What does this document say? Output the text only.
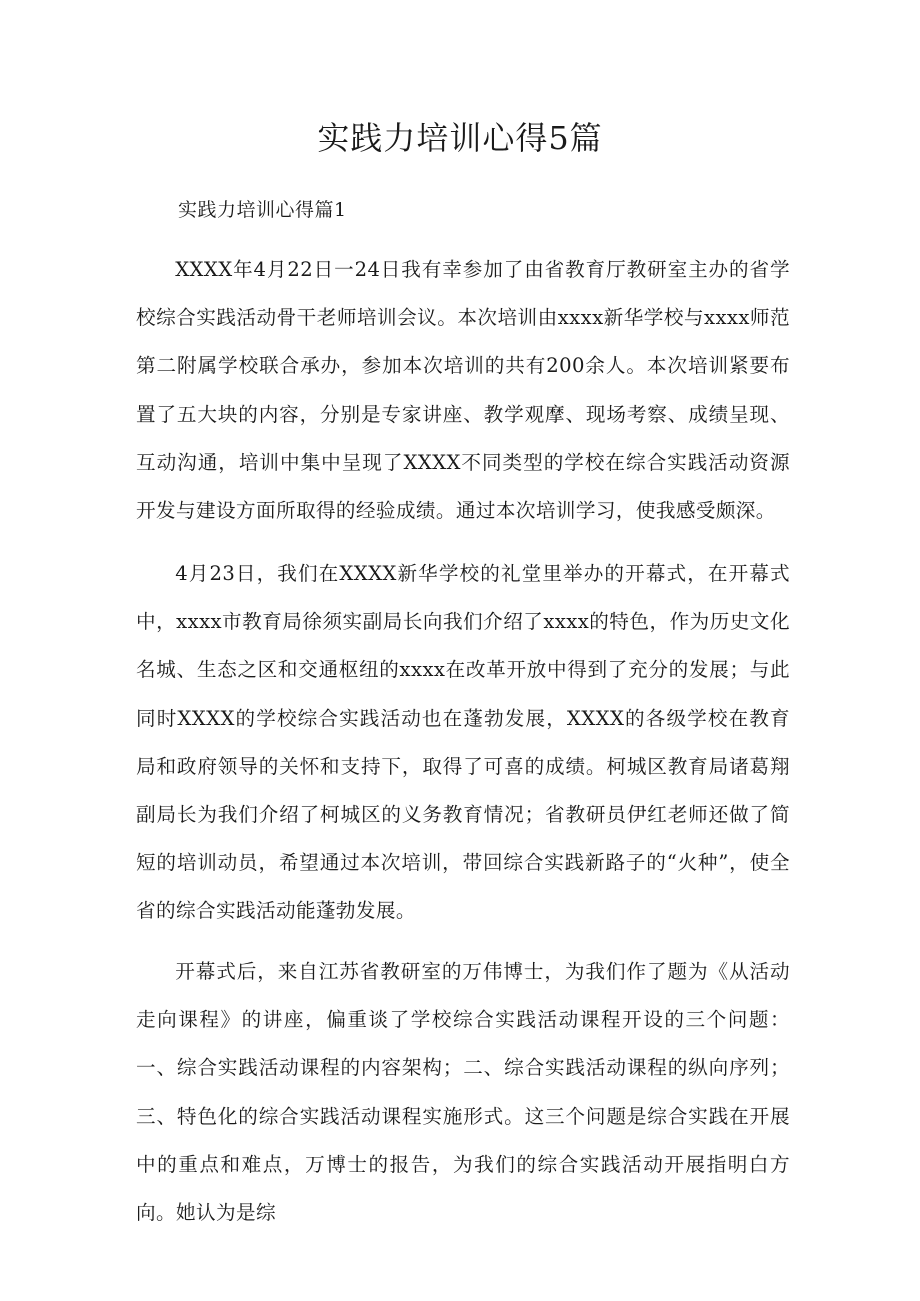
实践力培训心得5篇

实践力培训心得篇1

XXXX年4月22日一24日我有幸参加了由省教育厅教研室主办的省学校综合实践活动骨干老师培训会议。本次培训由xxxx新华学校与xxxx师范第二附属学校联合承办，参加本次培训的共有200余人。本次培训紧要布置了五大块的内容，分别是专家讲座、教学观摩、现场考察、成绩呈现、互动沟通，培训中集中呈现了XXXX不同类型的学校在综合实践活动资源开发与建设方面所取得的经验成绩。通过本次培训学习，使我感受颇深。

4月23日，我们在XXXX新华学校的礼堂里举办的开幕式，在开幕式中，xxxx市教育局徐须实副局长向我们介绍了xxxx的特色，作为历史文化名城、生态之区和交通枢纽的xxxx在改革开放中得到了充分的发展；与此同时XXXX的学校综合实践活动也在蓬勃发展，XXXX的各级学校在教育局和政府领导的关怀和支持下，取得了可喜的成绩。柯城区教育局诸葛翔副局长为我们介绍了柯城区的义务教育情况；省教研员伊红老师还做了简短的培训动员，希望通过本次培训，带回综合实践新路子的“火种”，使全省的综合实践活动能蓬勃发展。

开幕式后，来自江苏省教研室的万伟博士，为我们作了题为《从活动走向课程》的讲座，偏重谈了学校综合实践活动课程开设的三个问题：一、综合实践活动课程的内容架构；二、综合实践活动课程的纵向序列；三、特色化的综合实践活动课程实施形式。这三个问题是综合实践在开展中的重点和难点，万博士的报告，为我们的综合实践活动开展指明白方向。她认为是综
